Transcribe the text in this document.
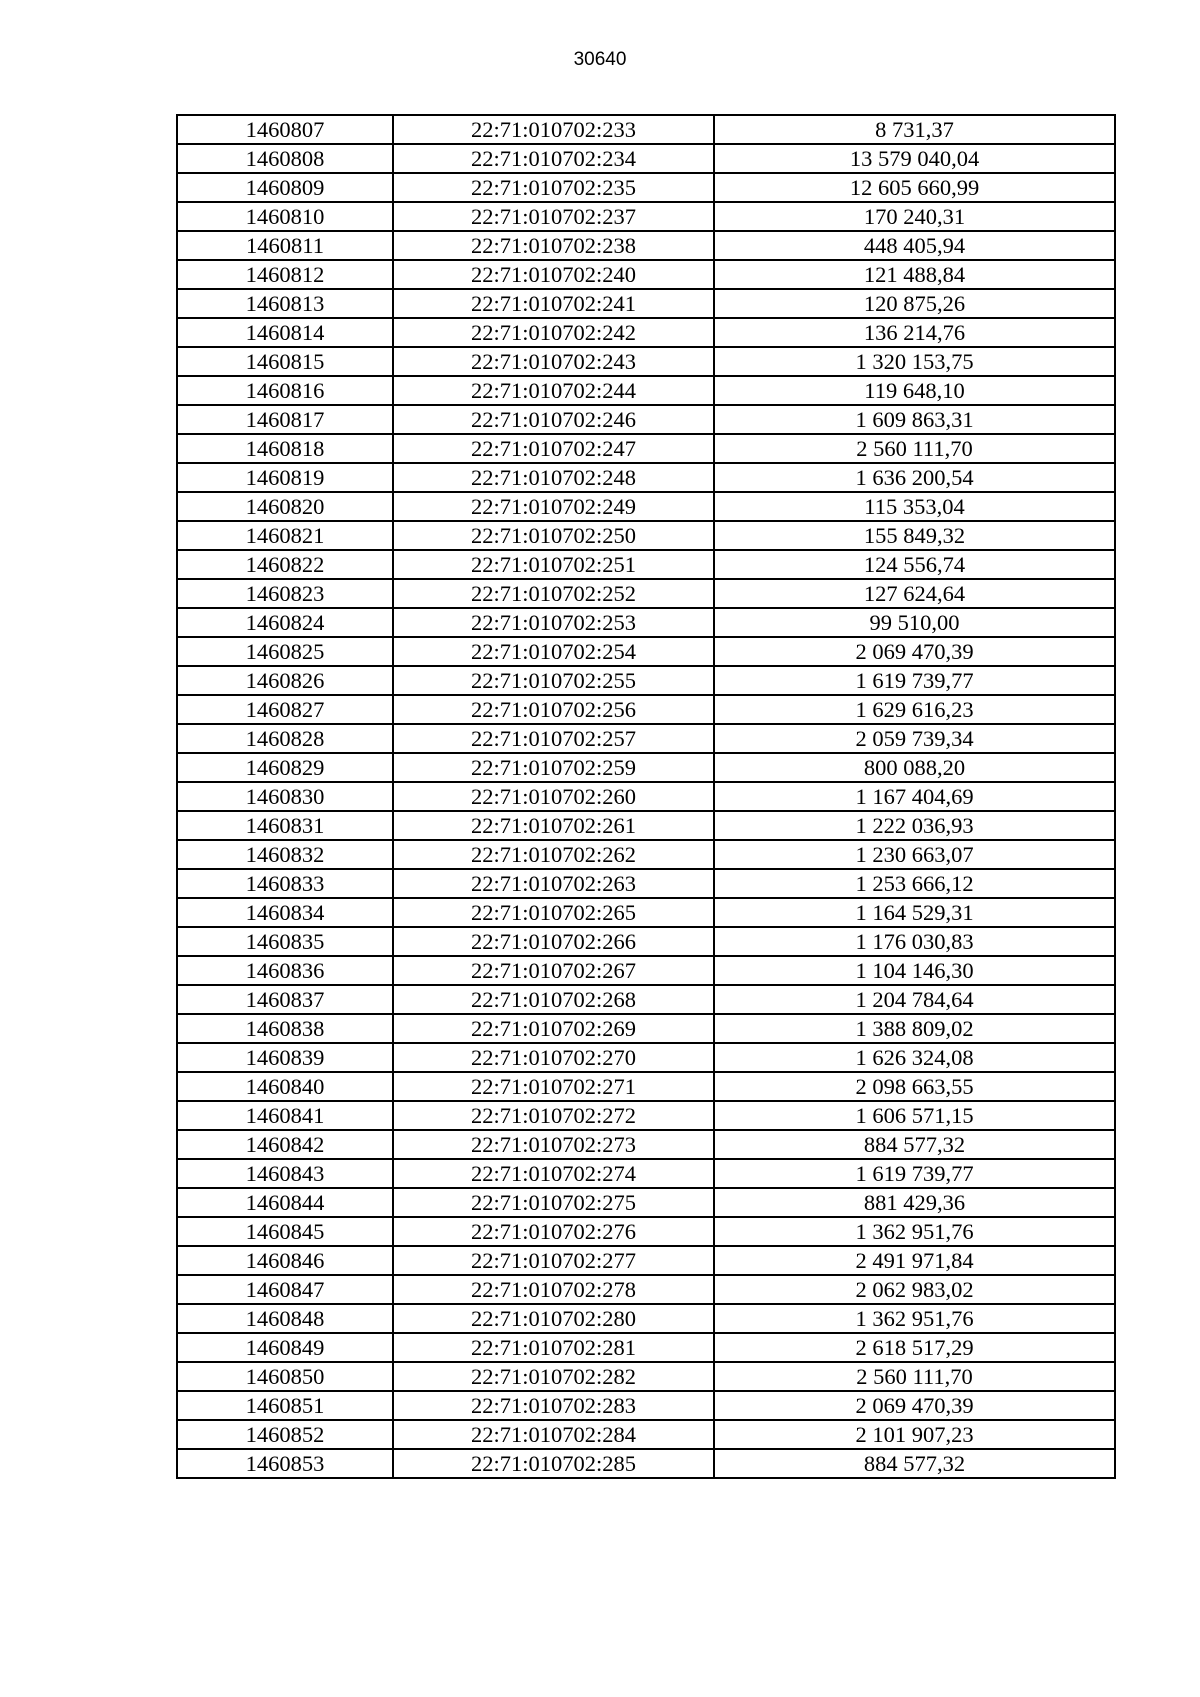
30640
1460807	22:71:010702:233	8 731,37
1460808	22:71:010702:234	13 579 040,04
1460809	22:71:010702:235	12 605 660,99
1460810	22:71:010702:237	170 240,31
1460811	22:71:010702:238	448 405,94
1460812	22:71:010702:240	121 488,84
1460813	22:71:010702:241	120 875,26
1460814	22:71:010702:242	136 214,76
1460815	22:71:010702:243	1 320 153,75
1460816	22:71:010702:244	119 648,10
1460817	22:71:010702:246	1 609 863,31
1460818	22:71:010702:247	2 560 111,70
1460819	22:71:010702:248	1 636 200,54
1460820	22:71:010702:249	115 353,04
1460821	22:71:010702:250	155 849,32
1460822	22:71:010702:251	124 556,74
1460823	22:71:010702:252	127 624,64
1460824	22:71:010702:253	99 510,00
1460825	22:71:010702:254	2 069 470,39
1460826	22:71:010702:255	1 619 739,77
1460827	22:71:010702:256	1 629 616,23
1460828	22:71:010702:257	2 059 739,34
1460829	22:71:010702:259	800 088,20
1460830	22:71:010702:260	1 167 404,69
1460831	22:71:010702:261	1 222 036,93
1460832	22:71:010702:262	1 230 663,07
1460833	22:71:010702:263	1 253 666,12
1460834	22:71:010702:265	1 164 529,31
1460835	22:71:010702:266	1 176 030,83
1460836	22:71:010702:267	1 104 146,30
1460837	22:71:010702:268	1 204 784,64
1460838	22:71:010702:269	1 388 809,02
1460839	22:71:010702:270	1 626 324,08
1460840	22:71:010702:271	2 098 663,55
1460841	22:71:010702:272	1 606 571,15
1460842	22:71:010702:273	884 577,32
1460843	22:71:010702:274	1 619 739,77
1460844	22:71:010702:275	881 429,36
1460845	22:71:010702:276	1 362 951,76
1460846	22:71:010702:277	2 491 971,84
1460847	22:71:010702:278	2 062 983,02
1460848	22:71:010702:280	1 362 951,76
1460849	22:71:010702:281	2 618 517,29
1460850	22:71:010702:282	2 560 111,70
1460851	22:71:010702:283	2 069 470,39
1460852	22:71:010702:284	2 101 907,23
1460853	22:71:010702:285	884 577,32
